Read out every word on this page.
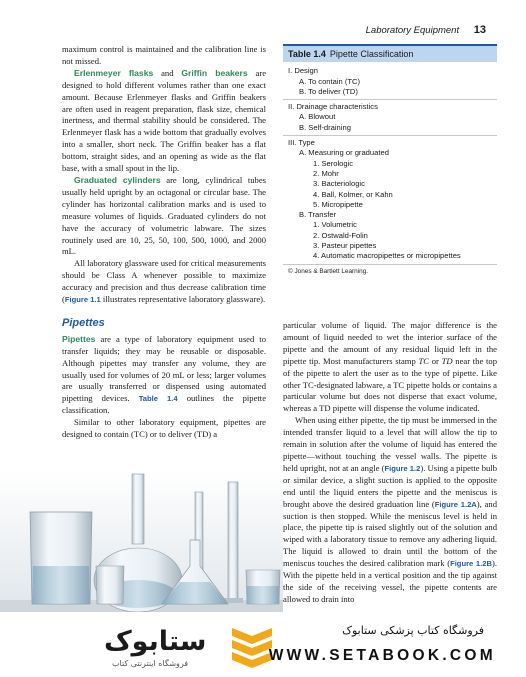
Laboratory Equipment 13

maximum control is maintained and the calibration line is not missed.

Erlenmeyer flasks and Griffin beakers are designed to hold different volumes rather than one exact amount. Because Erlenmeyer flasks and Griffin beakers are often used in reagent preparation, flask size, chemical inertness, and thermal stability should be considered. The Erlenmeyer flask has a wide bottom that gradually evolves into a smaller, short neck. The Griffin beaker has a flat bottom, straight sides, and an opening as wide as the flat base, with a small spout in the lip.

Graduated cylinders are long, cylindrical tubes usually held upright by an octagonal or circular base. The cylinder has horizontal calibration marks and is used to measure volumes of liquids. Graduated cylinders do not have the accuracy of volumetric labware. The sizes routinely used are 10, 25, 50, 100, 500, 1000, and 2000 mL.

All laboratory glassware used for critical measurements should be Class A whenever possible to maximize accuracy and precision and thus decrease calibration time (Figure 1.1 illustrates representative laboratory glassware).

Pipettes

Pipettes are a type of laboratory equipment used to transfer liquids; they may be reusable or disposable. Although pipettes may transfer any volume, they are usually used for volumes of 20 mL or less; larger volumes are usually transferred or dispensed using automated pipetting devices. Table 1.4 outlines the pipette classification.

Similar to other laboratory equipment, pipettes are designed to contain (TC) or to deliver (TD) a

Table 1.4 Pipette Classification
I. Design
A. To contain (TC)
B. To deliver (TD)
II. Drainage characteristics
A. Blowout
B. Self-draining
III. Type
A. Measuring or graduated
1. Serologic
2. Mohr
3. Bacteriologic
4. Ball, Kolmer, or Kahn
5. Micropipette
B. Transfer
1. Volumetric
2. Ostwald-Folin
3. Pasteur pipettes
4. Automatic macropipettes or micropipettes
© Jones & Bartlett Learning.

particular volume of liquid. The major difference is the amount of liquid needed to wet the interior surface of the pipette and the amount of any residual liquid left in the pipette tip. Most manufacturers stamp TC or TD near the top of the pipette to alert the user as to the type of pipette. Like other TC-designated labware, a TC pipette holds or contains a particular volume but does not disperse that exact volume, whereas a TD pipette will dispense the volume indicated.

When using either pipette, the tip must be immersed in the intended transfer liquid to a level that will allow the tip to remain in solution after the volume of liquid has entered the pipette—without touching the vessel walls. The pipette is held upright, not at an angle (Figure 1.2). Using a pipette bulb or similar device, a slight suction is applied to the opposite end until the liquid enters the pipette and the meniscus is brought above the desired graduation line (Figure 1.2A), and suction is then stopped. While the meniscus level is held in place, the pipette tip is raised slightly out of the solution and wiped with a laboratory tissue to remove any adhering liquid. The liquid is allowed to drain until the bottom of the meniscus touches the desired calibration mark (Figure 1.2B). With the pipette held in a vertical position and the tip against the side of the receiving vessel, the pipette contents are allowed to drain into

ستابوک
فروشگاه اینترنتی کتاب
فروشگاه کتاب پزشکی ستابوک
WWW.SETABOOK.COM
